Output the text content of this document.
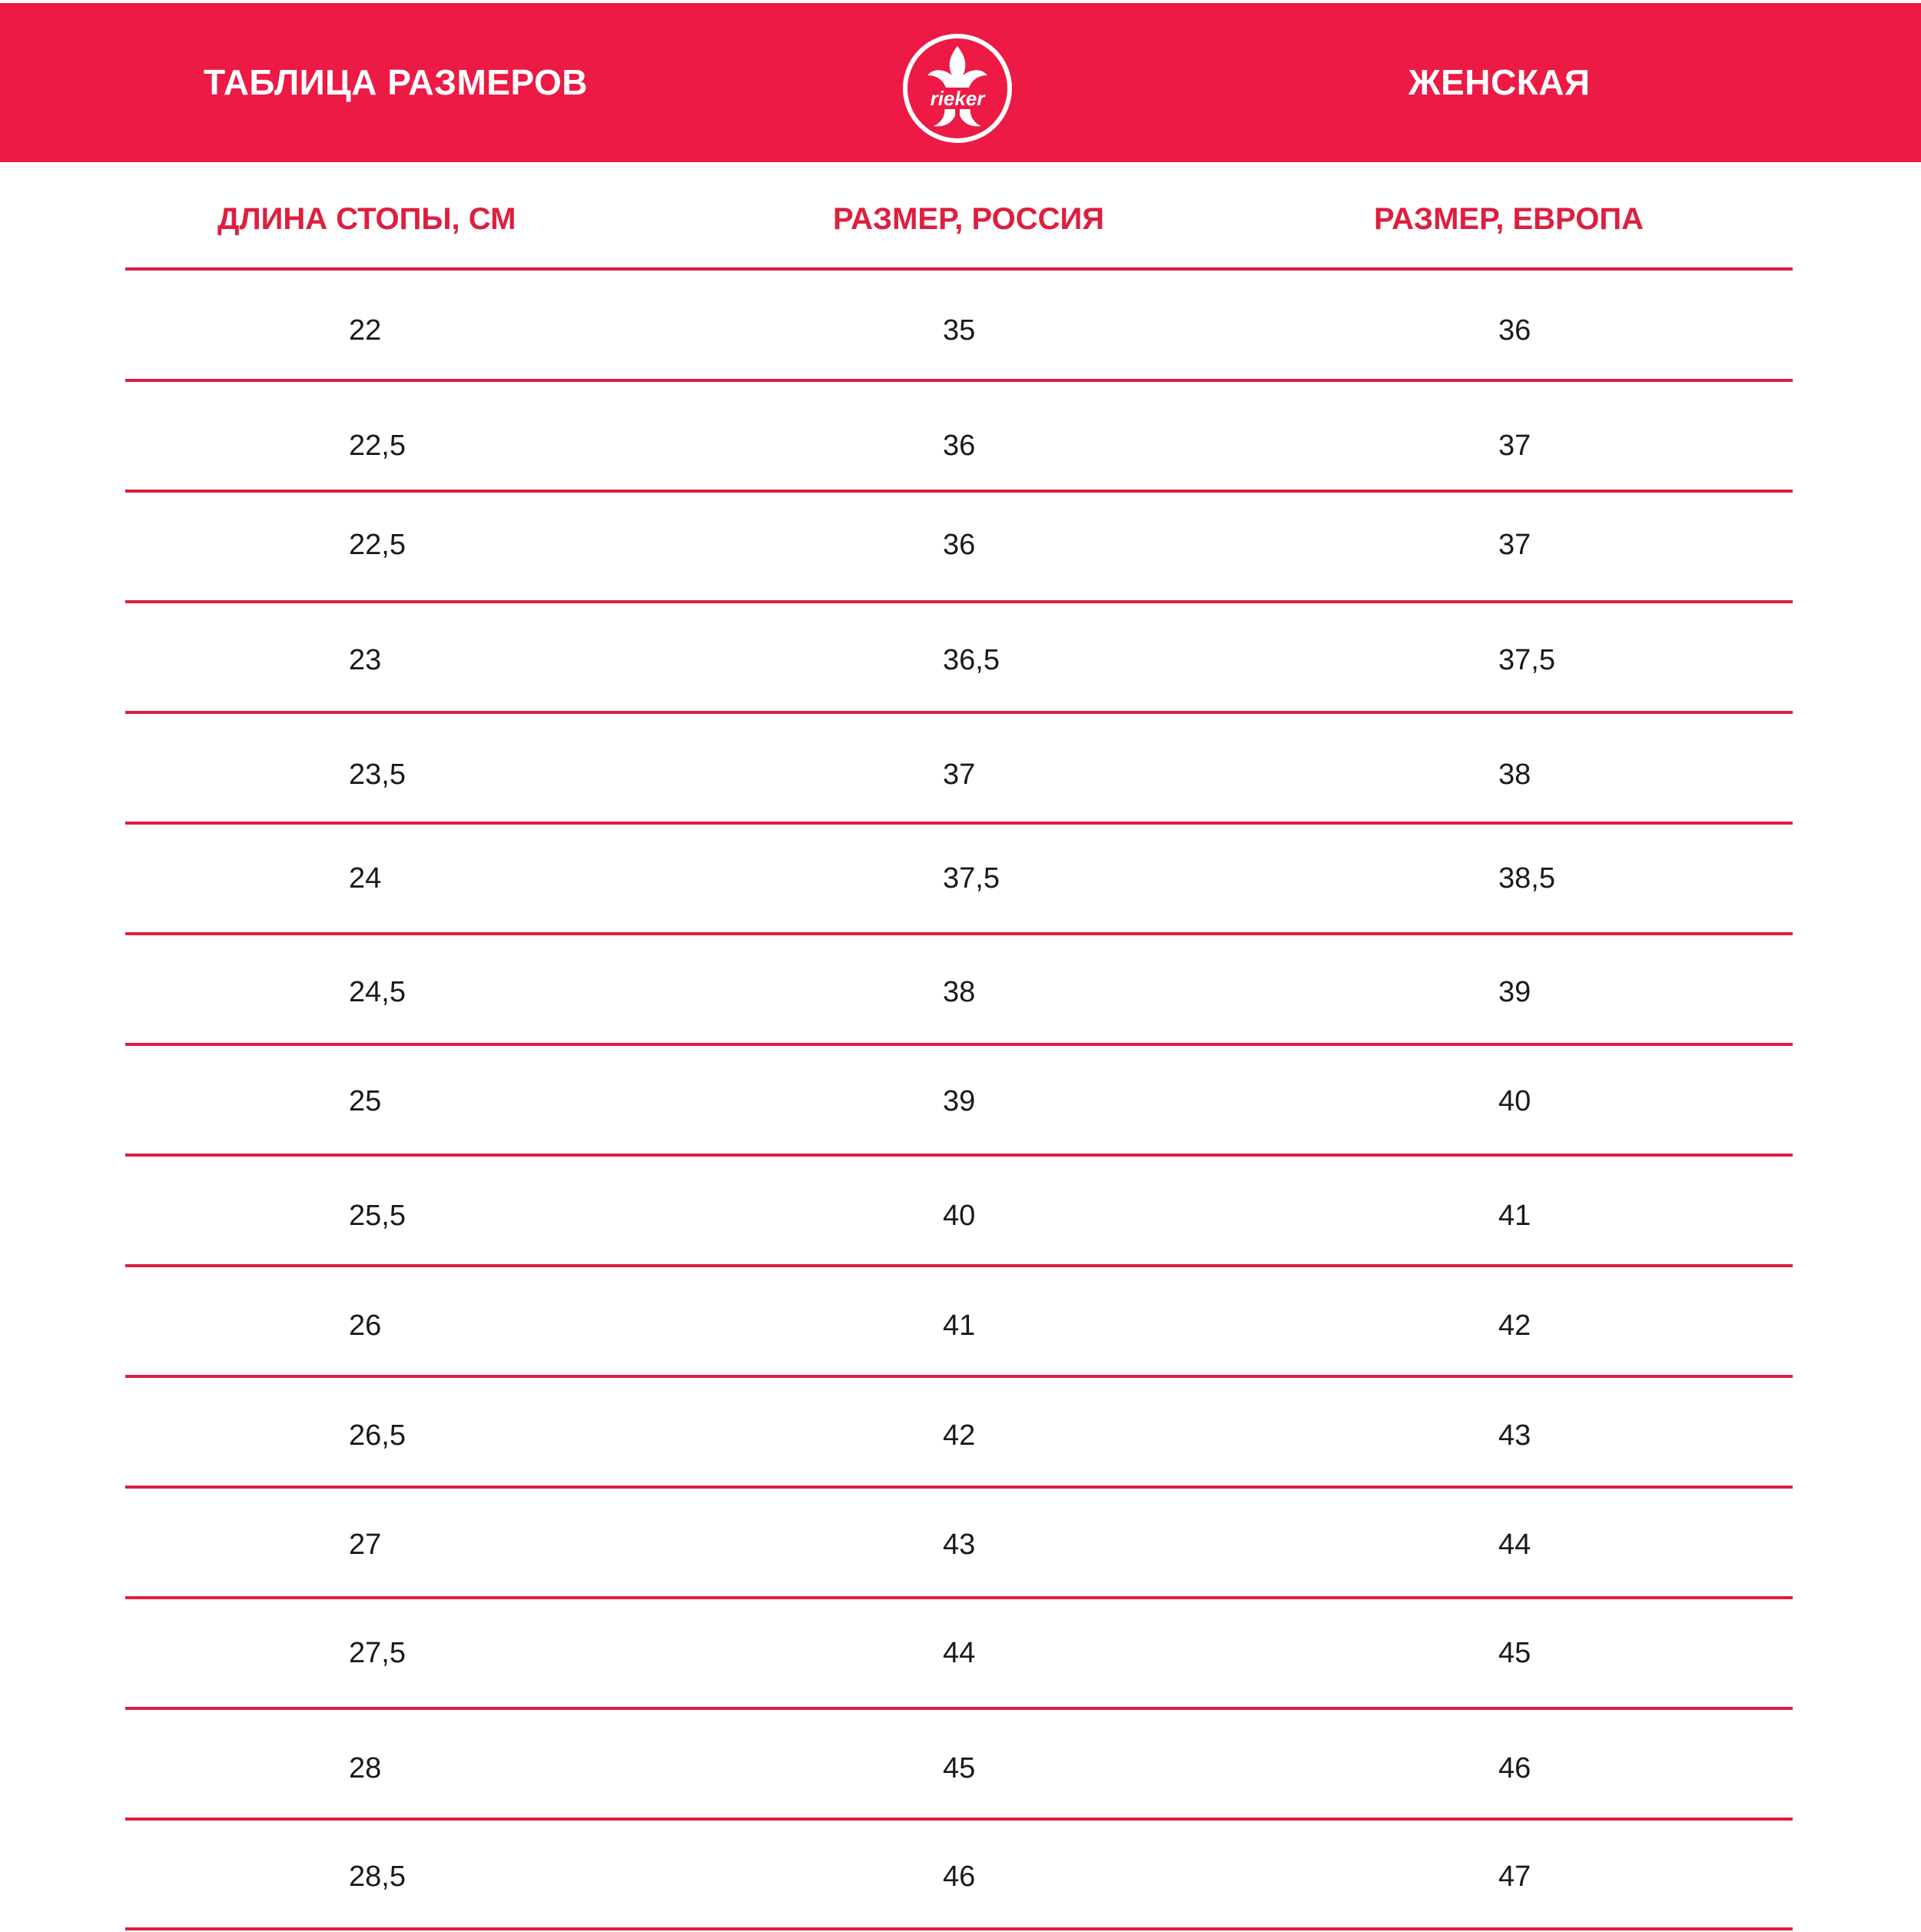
ТАБЛИЦА РАЗМЕРОВ	rieker	ЖЕНСКАЯ
ДЛИНА СТОПЫ, СМ	РАЗМЕР, РОССИЯ	РАЗМЕР, ЕВРОПА
22	35	36
22,5	36	37
22,5	36	37
23	36,5	37,5
23,5	37	38
24	37,5	38,5
24,5	38	39
25	39	40
25,5	40	41
26	41	42
26,5	42	43
27	43	44
27,5	44	45
28	45	46
28,5	46	47
